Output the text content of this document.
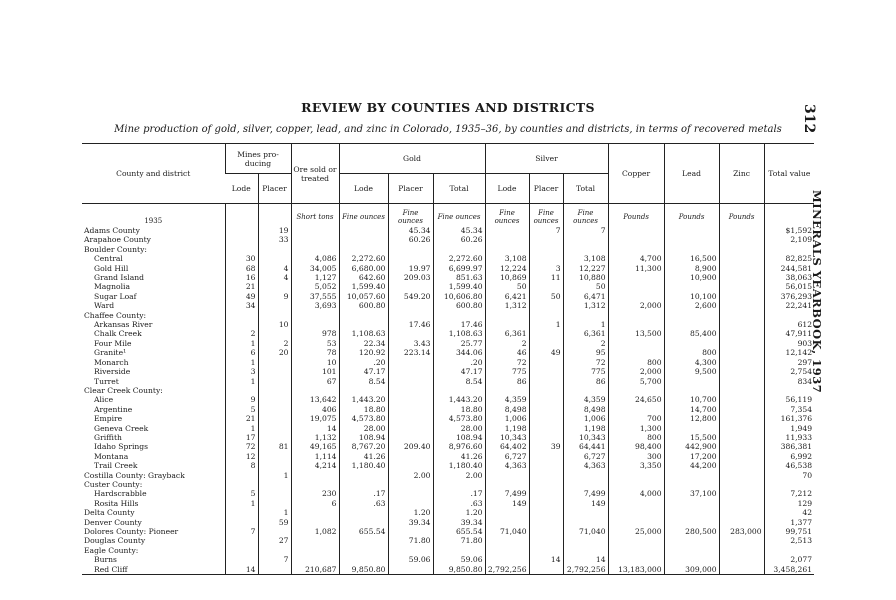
REVIEW BY COUNTIES AND DISTRICTS	312
MINERALS YEARBOOK, 1937
Mine production of gold, silver, copper, lead, and zinc in Colorado, 1935–36, by counties and districts, in terms of recovered metals
County and district	Mines pro-ducing		Ore sold or treated	Gold			Silver			Copper	Lead	Zinc	Total value
	Lode	Placer		Lode	Placer	Total	Lode	Placer	Total				
1935			Short tons	Fine ounces	Fine ounces	Fine ounces	Fine ounces	Fine ounces	Fine ounces	Pounds	Pounds	Pounds	
Adams County		19			45.34	45.34		7	7				$1,592
Arapahoe County		33			60.26	60.26							2,109
Boulder County:													
Central	30		4,086	2,272.60		2,272.60	3,108		3,108	4,700	16,500		82,825
Gold Hill	68	4	34,005	6,680.00	19.97	6,699.97	12,224	3	12,227	11,300	8,900		244,581
Grand Island	16	4	1,127	642.60	209.03	851.63	10,869	11	10,880		10,900		38,063
Magnolia	21		5,052	1,599.40		1,599.40	50		50				56,015
Sugar Loaf	49	9	37,555	10,057.60	549.20	10,606.80	6,421	50	6,471		10,100		376,293
Ward	34		3,693	600.80		600.80	1,312		1,312	2,000	2,600		22,241
Chaffee County:													
Arkansas River		10			17.46	17.46		1	1				612
Chalk Creek	2		978	1,108.63		1,108.63	6,361		6,361	13,500	85,400		47,911
Four Mile	1	2	53	22.34	3.43	25.77	2		2				903
Granite¹	6	20	78	120.92	223.14	344.06	46	49	95		800		12,142
Monarch	1		10	.20		.20	72		72	800	4,300		297
Riverside	3		101	47.17		47.17	775		775	2,000	9,500		2,754
Turret	1		67	8.54		8.54	86		86	5,700			834
Clear Creek County:													
Alice	9		13,642	1,443.20		1,443.20	4,359		4,359	24,650	10,700		56,119
Argentine	5		406	18.80		18.80	8,498		8,498		14,700		7,354
Empire	21		19,075	4,573.80		4,573.80	1,006		1,006	700	12,800		161,376
Geneva Creek	1		14	28.00		28.00	1,198		1,198	1,300			1,949
Griffith	17		1,132	108.94		108.94	10,343		10,343	800	15,500		11,933
Idaho Springs	72	81	49,165	8,767.20	209.40	8,976.60	64,402	39	64,441	98,400	442,900		386,381
Montana	12		1,114	41.26		41.26	6,727		6,727	300	17,200		6,992
Trail Creek	8		4,214	1,180.40		1,180.40	4,363		4,363	3,350	44,200		46,538
Costilla County: Grayback		1			2.00	2.00							70
Custer County:													
Hardscrabble	5		230	.17		.17	7,499		7,499	4,000	37,100		7,212
Rosita Hills	1		6	.63		.63	149		149				129
Delta County		1			1.20	1.20							42
Denver County		59			39.34	39.34							1,377
Dolores County: Pioneer	7		1,082	655.54		655.54	71,040		71,040	25,000	280,500	283,000	99,751
Douglas County		27			71.80	71.80							2,513
Eagle County:													
Burns		7			59.06	59.06		14	14				2,077
Red Cliff	14		210,687	9,850.80		9,850.80	2,792,256		2,792,256	13,183,000	309,000		3,458,261
